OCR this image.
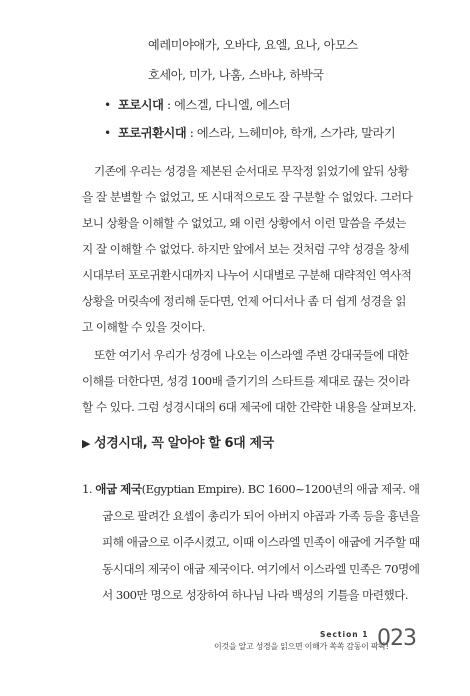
예레미야애가, 오바댜, 요엘, 요나, 아모스
호세아, 미가, 나훔, 스바냐, 하박국
• 포로시대 : 에스겔, 다니엘, 에스더
• 포로귀환시대 : 에스라, 느헤미야, 학개, 스가랴, 말라기
기존에 우리는 성경을 제본된 순서대로 무작정 읽었기에 앞뒤 상황
을 잘 분별할 수 없었고, 또 시대적으로도 잘 구분할 수 없었다. 그러다
보니 상황을 이해할 수 없었고, 왜 이런 상황에서 이런 말씀을 주셨는
지 잘 이해할 수 없었다. 하지만 앞에서 보는 것처럼 구약 성경을 창세
시대부터 포로귀환시대까지 나누어 시대별로 구분해 대략적인 역사적
상황을 머릿속에 정리해 둔다면, 언제 어디서나 좀 더 쉽게 성경을 읽
고 이해할 수 있을 것이다.
또한 여기서 우리가 성경에 나오는 이스라엘 주변 강대국들에 대한
이해를 더한다면, 성경 100배 즐기기의 스타트를 제대로 끊는 것이라
할 수 있다. 그럼 성경시대의 6대 제국에 대한 간략한 내용을 살펴보자.
▶ 성경시대, 꼭 알아야 할 6대 제국
1. 애굽 제국(Egyptian Empire). BC 1600~1200년의 애굽 제국. 애
굽으로 팔려간 요셉이 총리가 되어 아버지 야곱과 가족 등을 흉년을
피해 애굽으로 이주시켰고, 이때 이스라엘 민족이 애굽에 거주할 때
동시대의 제국이 애굽 제국이다. 여기에서 이스라엘 민족은 70명에
서 300만 명으로 성장하여 하나님 나라 백성의 기틀을 마련했다.
Section 1
이것을 알고 성경을 읽으면 이해가 쏙쏙 감동이 팍팍!
023
